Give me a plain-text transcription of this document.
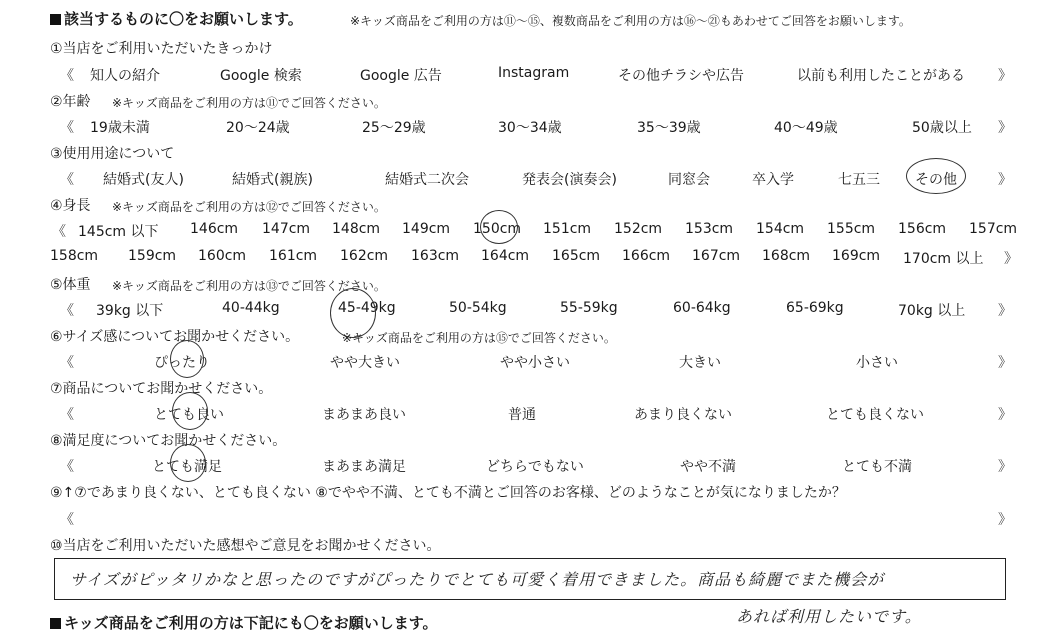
該当するものに〇をお願いします。	※キッズ商品をご利用の方は⑪〜⑮、複数商品をご利用の方は⑯〜㉑もあわせてご回答をお願いします。
①当店をご利用いただいたきっかけ
《 知人の紹介	Google 検索	Google 広告	Instagram	その他チラシや広告	以前も利用したことがある 》
②年齢 ※キッズ商品をご利用の方は⑪でご回答ください。
《 19歳未満	20〜24歳	25〜29歳	30〜34歳	35〜39歳	40〜49歳	50歳以上 》
③使用用途について
《 結婚式(友人)	結婚式(親族)	結婚式二次会	発表会(演奏会)	同窓会	卒入学	七五三	その他	》
④身長 ※キッズ商品をご利用の方は⑫でご回答ください。
《 145cm 以下 146cm 147cm 148cm 149cm 150cm 151cm 152cm 153cm 154cm 155cm 156cm 157cm
158cm 159cm 160cm 161cm 162cm 163cm 164cm 165cm 166cm 167cm 168cm 169cm 170cm 以上 》
⑤体重 ※キッズ商品をご利用の方は⑬でご回答ください。
《 39kg 以下	40-44kg	45-49kg	50-54kg	55-59kg	60-64kg	65-69kg	70kg 以上 》
⑥サイズ感についてお聞かせください。	※キッズ商品をご利用の方は⑮でご回答ください。
《	ぴったり	やや大きい	やや小さい	大きい	小さい	》
⑦商品についてお聞かせください。
《	とても良い	まあまあ良い	普通	あまり良くない	とても良くない	》
⑧満足度についてお聞かせください。
《	とても満足	まあまあ満足	どちらでもない	やや不満	とても不満	》
⑨↑⑦であまり良くない、とても良くない ⑧でやや不満、とても不満とご回答のお客様、どのようなことが気になりましたか？
《	》
⑩当店をご利用いただいた感想やご意見をお聞かせください。
サイズがピッタリかなと思ったのですがぴったりでとても可愛く着用できました。商品も綺麗でまた機会が
あれば利用したいです。
キッズ商品をご利用の方は下記にも〇をお願いします。
